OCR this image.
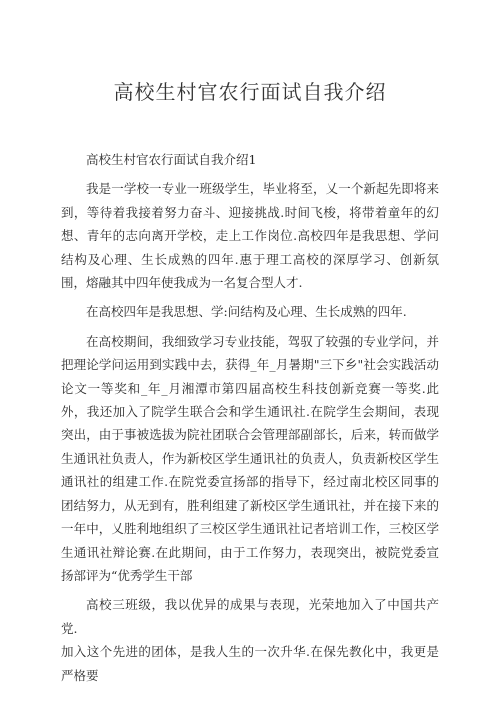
高校生村官农行面试自我介绍

高校生村官农行面试自我介绍1

我是一学校一专业一班级学生，毕业将至，乂一个新起先即将来到，等待着我接着努力奋斗、迎接挑战.时间飞梭，将带着童年的幻想、青年的志向离开学校，走上工作岗位.高校四年是我思想、学问结构及心理、生长成熟的四年.惠于理工高校的深厚学习、创新氛围，熔融其中四年使我成为一名复合型人才.

在高校四年是我思想、学:问结构及心理、生长成熟的四年.

在高校期间，我细致学习专业技能，驾驭了较强的专业学问，并把理论学问运用到实践中去，获得_年_月暑期"三下乡"社会实践活动论文一等奖和_年_月湘潭市第四届高校生科技创新竞赛一等奖.此外，我还加入了院学生联合会和学生通讯社.在院学生会期间，表现突出，由于事被选拔为院社团联合会管理部副部长，后来，转而做学生通讯社负责人，作为新校区学生通讯社的负责人，负责新校区学生通讯社的组建工作.在院党委宣扬部的指导下，经过南北校区同事的团结努力，从无到有，胜利组建了新校区学生通讯社，并在接下来的一年中，乂胜利地组织了三校区学生通讯社记者培训工作，三校区学生通讯社辩论赛.在此期间，由于工作努力，表现突出，被院党委宣扬部评为“优秀学生干部

高校三班级，我以优异的成果与表现，光荣地加入了中国共产党.

加入这个先进的团体，是我人生的一次升华.在保先教化中，我更是严格要
